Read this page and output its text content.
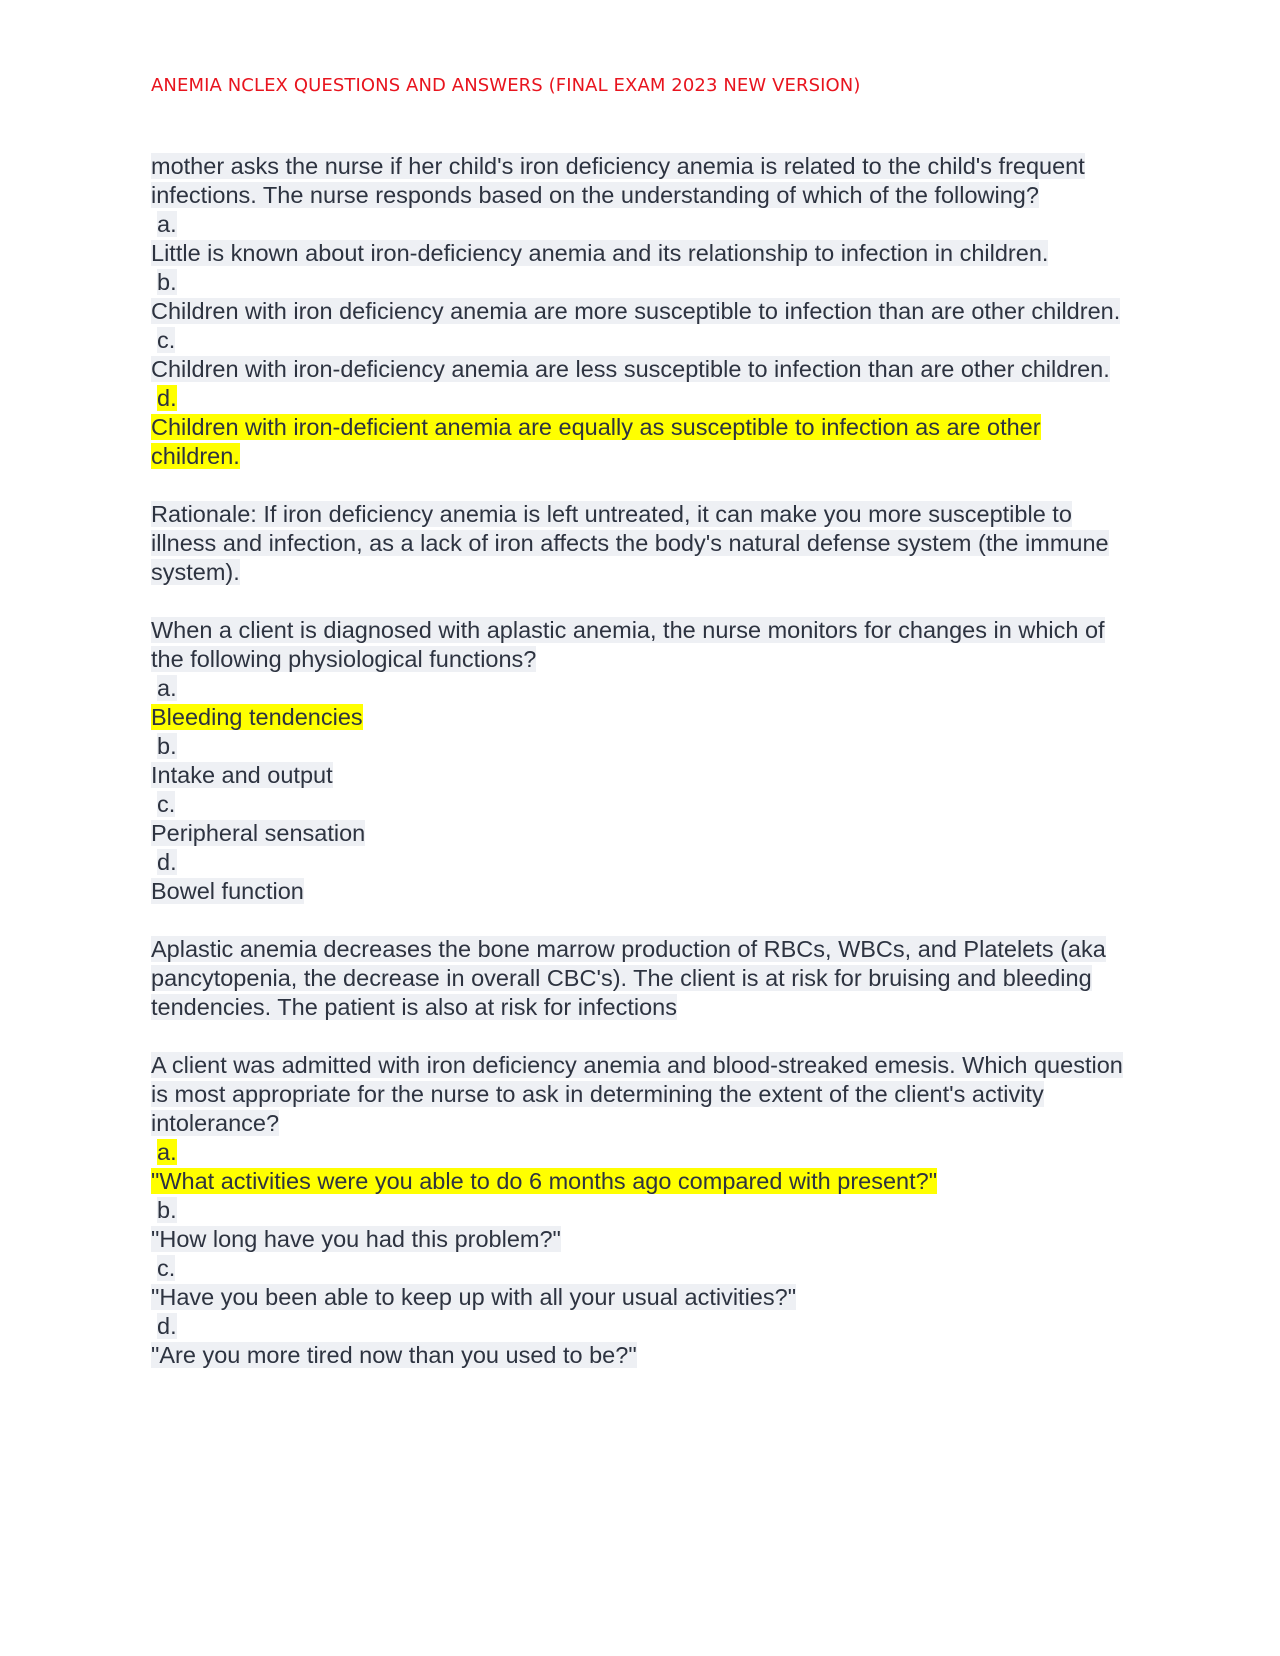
ANEMIA NCLEX QUESTIONS AND ANSWERS (FINAL EXAM 2023 NEW VERSION)

mother asks the nurse if her child's iron deficiency anemia is related to the child's frequent infections. The nurse responds based on the understanding of which of the following?

a.

Little is known about iron-deficiency anemia and its relationship to infection in children.

b.

Children with iron deficiency anemia are more susceptible to infection than are other children.

c.

Children with iron-deficiency anemia are less susceptible to infection than are other children.

d.

Children with iron-deficient anemia are equally as susceptible to infection as are other children.

Rationale: If iron deficiency anemia is left untreated, it can make you more susceptible to illness and infection, as a lack of iron affects the body's natural defense system (the immune system).

When a client is diagnosed with aplastic anemia, the nurse monitors for changes in which of the following physiological functions?

a.

Bleeding tendencies

b.

Intake and output

c.

Peripheral sensation

d.

Bowel function

Aplastic anemia decreases the bone marrow production of RBCs, WBCs, and Platelets (aka pancytopenia, the decrease in overall CBC's). The client is at risk for bruising and bleeding tendencies. The patient is also at risk for infections

A client was admitted with iron deficiency anemia and blood-streaked emesis. Which question is most appropriate for the nurse to ask in determining the extent of the client's activity intolerance?

a.

"What activities were you able to do 6 months ago compared with present?"

b.

"How long have you had this problem?"

c.

"Have you been able to keep up with all your usual activities?"

d.

"Are you more tired now than you used to be?"
